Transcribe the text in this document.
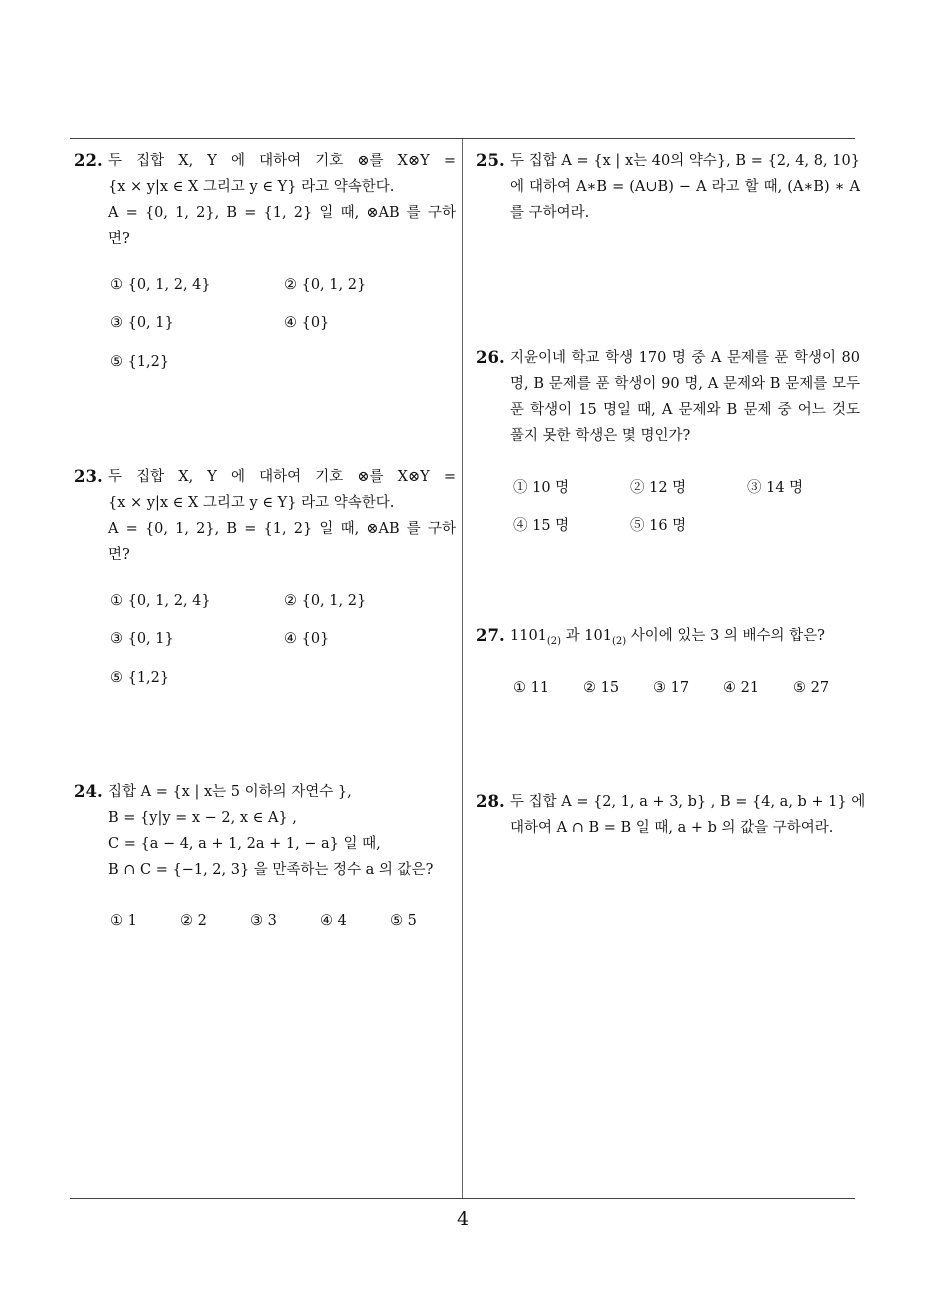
22. 두 집합 X, Y 에 대하여 기호 ⊗를 X⊗Y =
{x × y|x ∈ X 그리고 y ∈ Y} 라고 약속한다.
A = {0, 1, 2}, B = {1, 2} 일 때, ⊗AB 를 구하
면?
① {0, 1, 2, 4}	② {0, 1, 2}
③ {0, 1}	④ {0}
⑤ {1,2}
23. 두 집합 X, Y 에 대하여 기호 ⊗를 X⊗Y =
{x × y|x ∈ X 그리고 y ∈ Y} 라고 약속한다.
A = {0, 1, 2}, B = {1, 2} 일 때, ⊗AB 를 구하
면?
① {0, 1, 2, 4}	② {0, 1, 2}
③ {0, 1}	④ {0}
⑤ {1,2}
24. 집합 A = {x | x는 5 이하의 자연수 },
B = {y|y = x − 2, x ∈ A} ,
C = {a − 4, a + 1, 2a + 1, − a} 일 때,
B ∩ C = {−1, 2, 3} 을 만족하는 정수 a 의 값은?
① 1	② 2	③ 3	④ 4	⑤ 5
25. 두 집합 A = {x | x는 40의 약수}, B = {2, 4, 8, 10}
에 대하여 A∗B = (A∪B) − A 라고 할 때, (A∗B) ∗ A
를 구하여라.
26. 지윤이네 학교 학생 170 명 중 A 문제를 푼 학생이 80
명, B 문제를 푼 학생이 90 명, A 문제와 B 문제를 모두
푼 학생이 15 명일 때, A 문제와 B 문제 중 어느 것도
풀지 못한 학생은 몇 명인가?
① 10 명	② 12 명	③ 14 명
④ 15 명	⑤ 16 명
27. $1101_{(2)}$ 과 $101_{(2)}$ 사이에 있는 3 의 배수의 합은?
① 11 ② 15 ③ 17 ④ 21 ⑤ 27
28. 두 집합 A = {2, 1, a + 3, b} , B = {4, a, b + 1} 에
대하여 A ∩ B = B 일 때, a + b 의 값을 구하여라.
4
